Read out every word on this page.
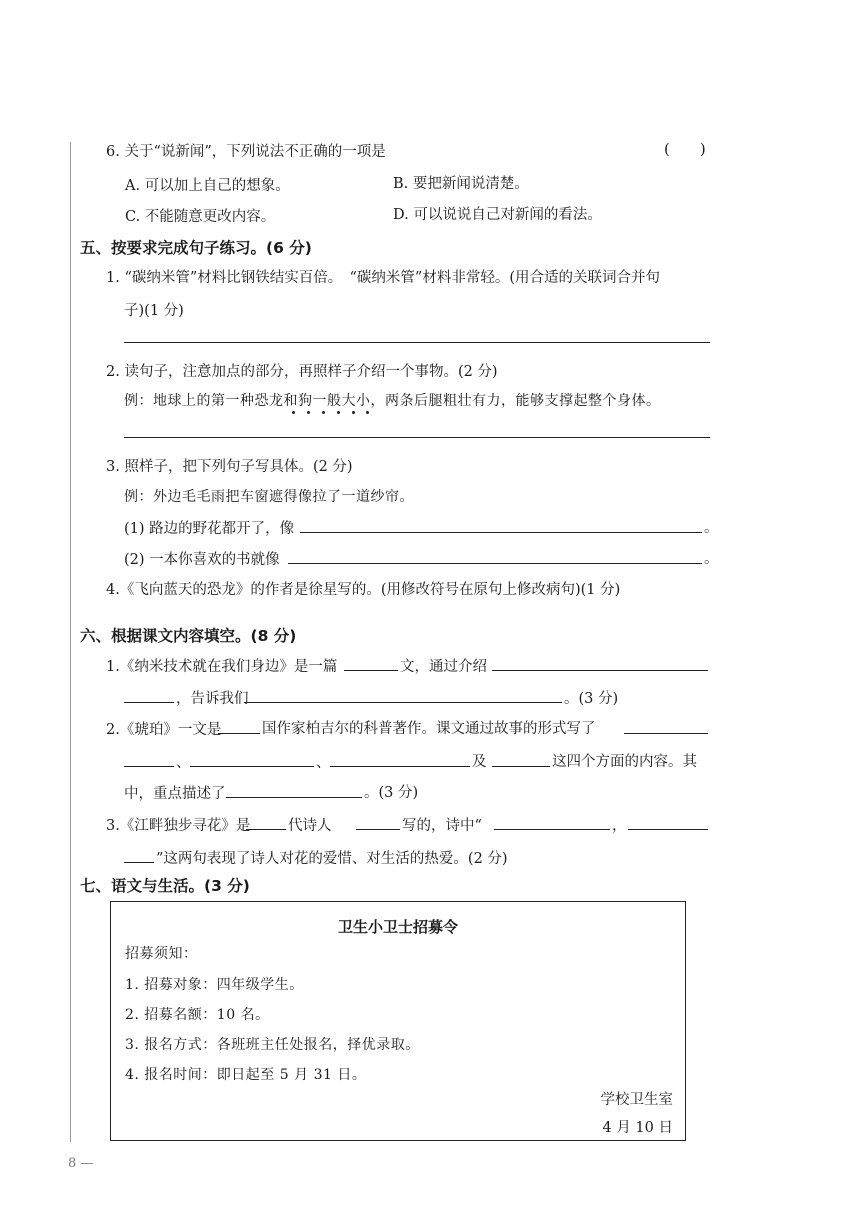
6. 关于“说新闻”，下列说法不正确的一项是	(　　)
A. 可以加上自己的想象。	B. 要把新闻说清楚。
C. 不能随意更改内容。	D. 可以说说自己对新闻的看法。
五、按要求完成句子练习。(6 分)
1. “碳纳米管”材料比钢铁结实百倍。　“碳纳米管”材料非常轻。(用合适的关联词合并句
子)(1 分)
2. 读句子，注意加点的部分，再照样子介绍一个事物。(2 分)
例：地球上的第一种恐龙和狗一般大小，两条后腿粗壮有力，能够支撑起整个身体。
3. 照样子，把下列句子写具体。(2 分)
例：外边毛毛雨把车窗遮得像拉了一道纱帘。
(1) 路边的野花都开了，像	。
(2) 一本你喜欢的书就像	。
4.《飞向蓝天的恐龙》的作者是徐星写的。(用修改符号在原句上修改病句)(1 分)
六、根据课文内容填空。(8 分)
1.《纳米技术就在我们身边》是一篇	文，通过介绍
，告诉我们	。(3 分)
2.《琥珀》一文是	国作家柏吉尔的科普著作。课文通过故事的形式写了
、	、	及	这四个方面的内容。其
中，重点描述了	。(3 分)
3.《江畔独步寻花》是	代诗人	写的，诗中“	，
”这两句表现了诗人对花的爱惜、对生活的热爱。(2 分)
七、语文与生活。(3 分)
卫生小卫士招募令
招募须知：
1. 招募对象：四年级学生。
2. 招募名额：10 名。
3. 报名方式：各班班主任处报名，择优录取。
4. 报名时间：即日起至 5 月 31 日。
学校卫生室
4 月 10 日
8 —
